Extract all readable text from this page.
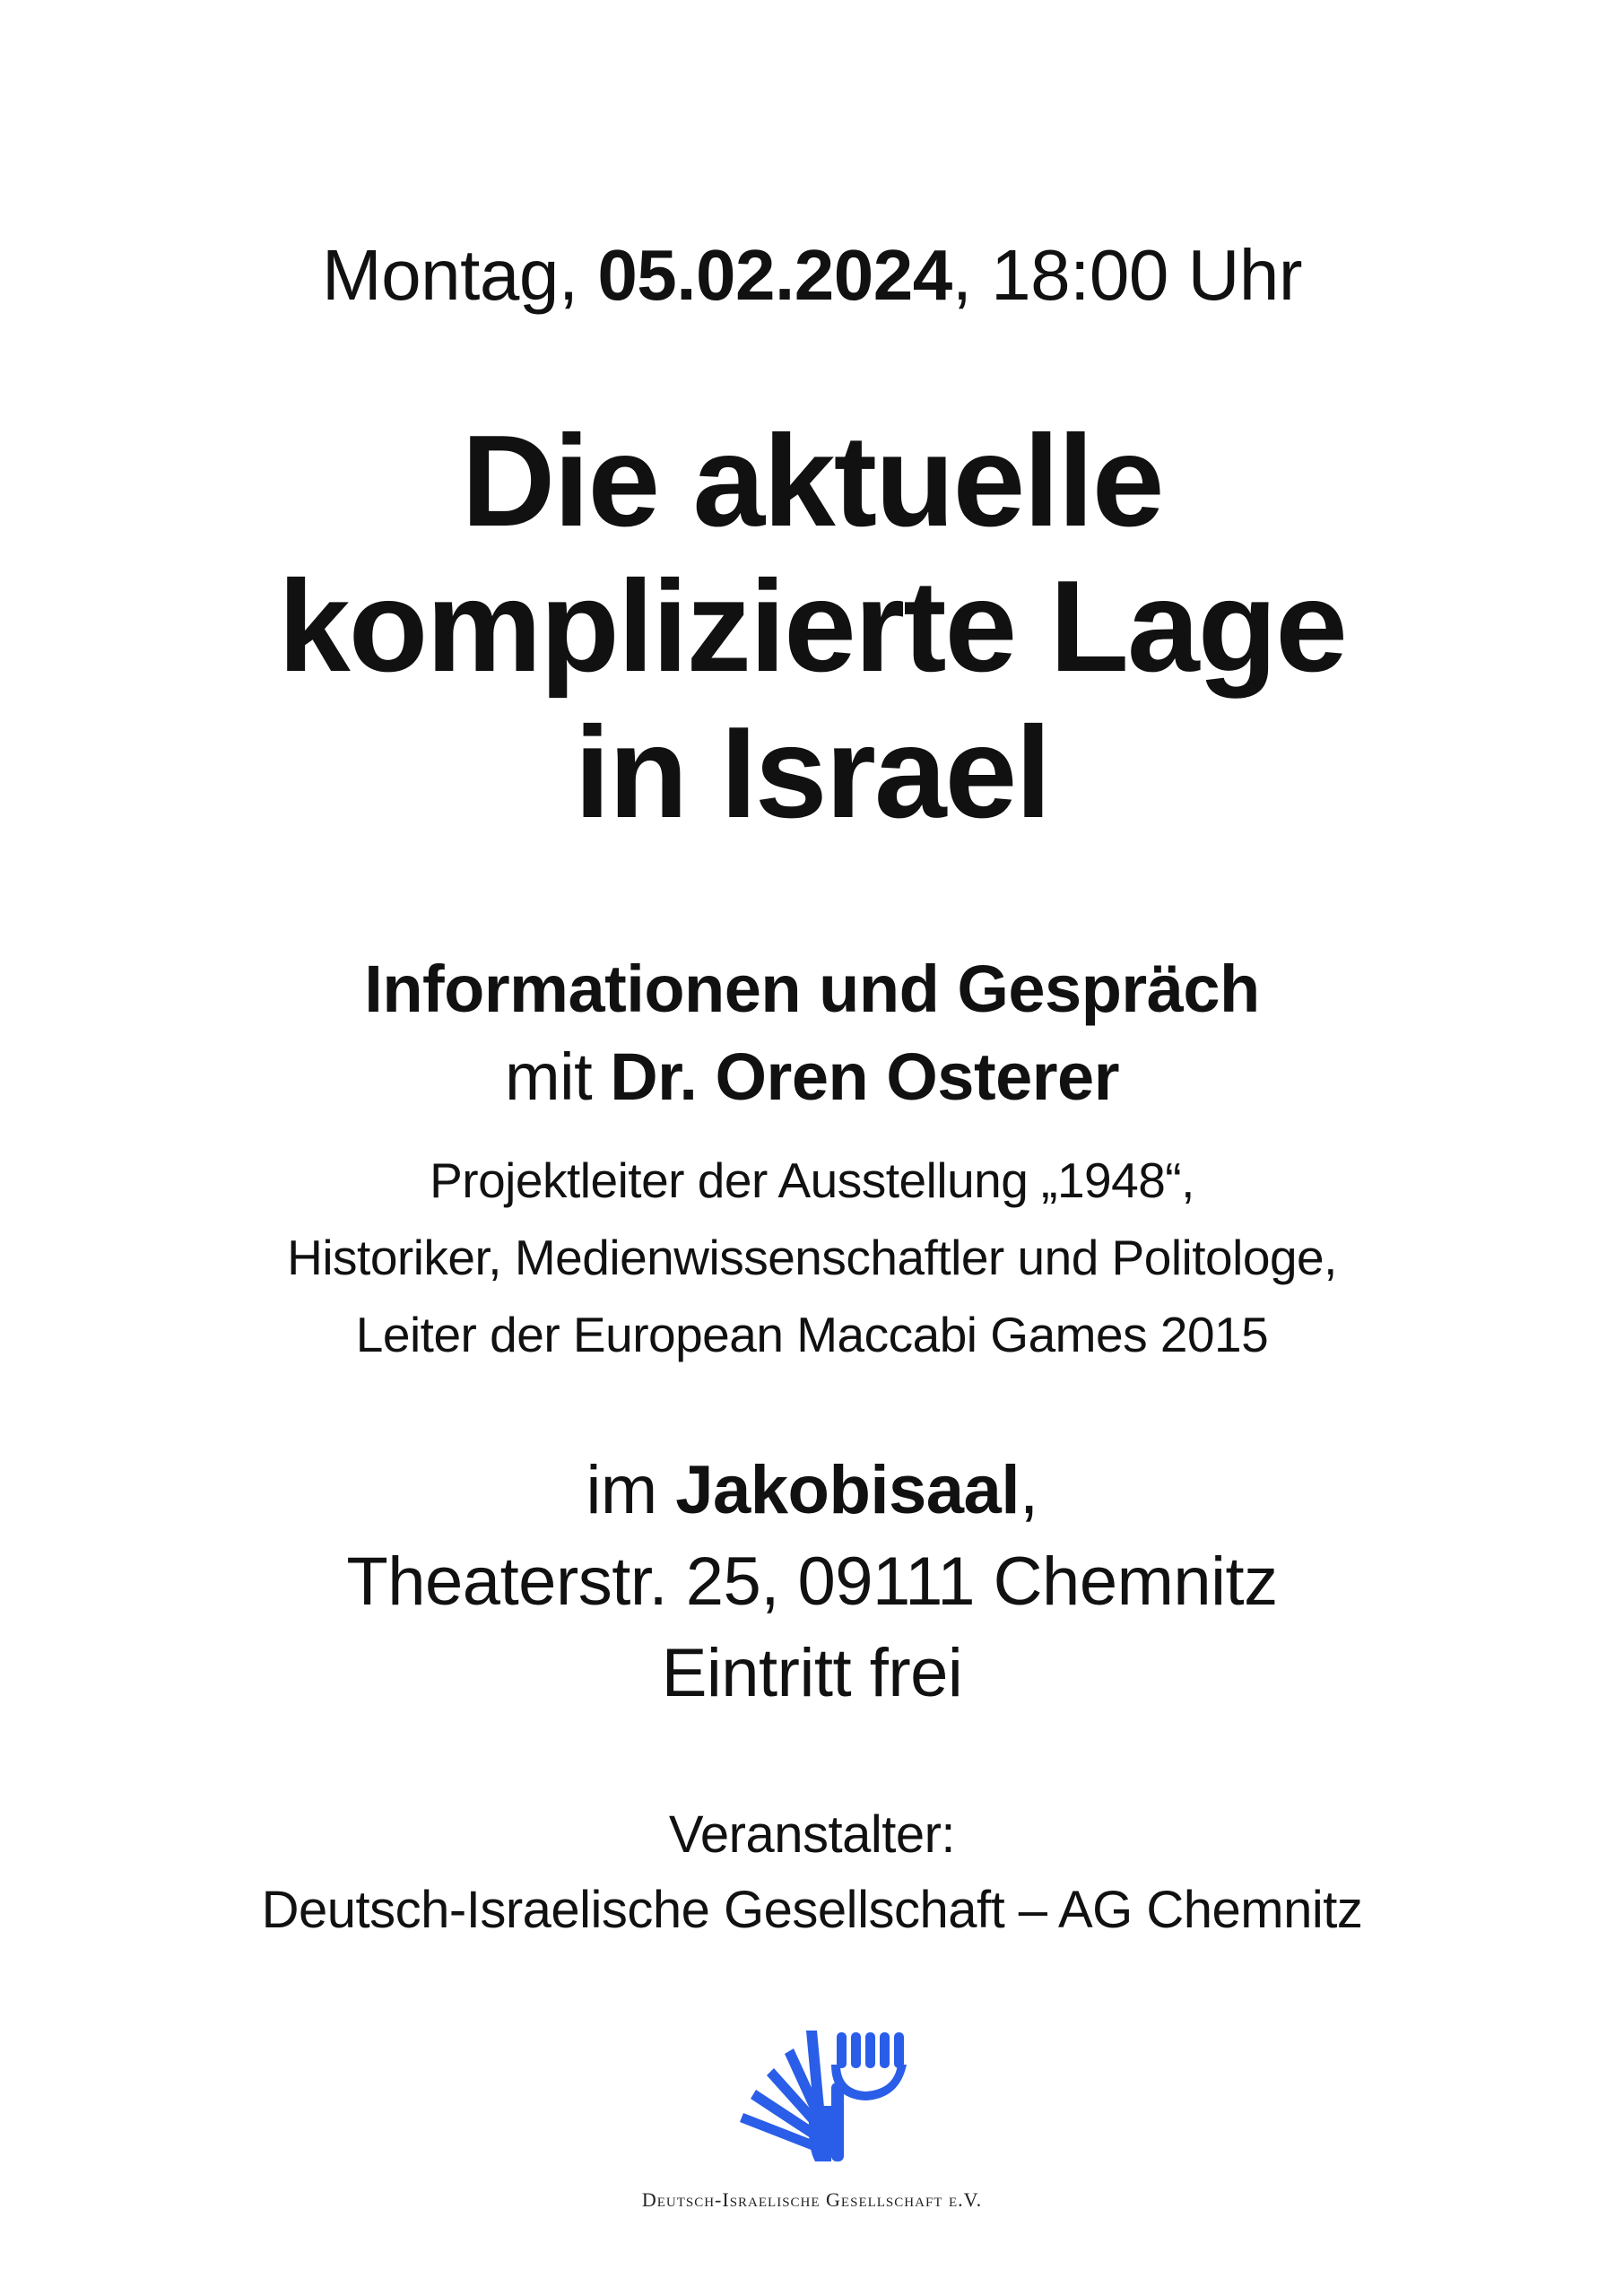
Montag, 05.02.2024, 18:00 Uhr
Die aktuelle
komplizierte Lage
in Israel
Informationen und Gespräch
mit Dr. Oren Osterer
Projektleiter der Ausstellung „1948“,
Historiker, Medienwissenschaftler und Politologe,
Leiter der European Maccabi Games 2015
im Jakobisaal,
Theaterstr. 25, 09111 Chemnitz
Eintritt frei
Veranstalter:
Deutsch-Israelische Gesellschaft – AG Chemnitz
Deutsch-Israelische Gesellschaft e.V.
